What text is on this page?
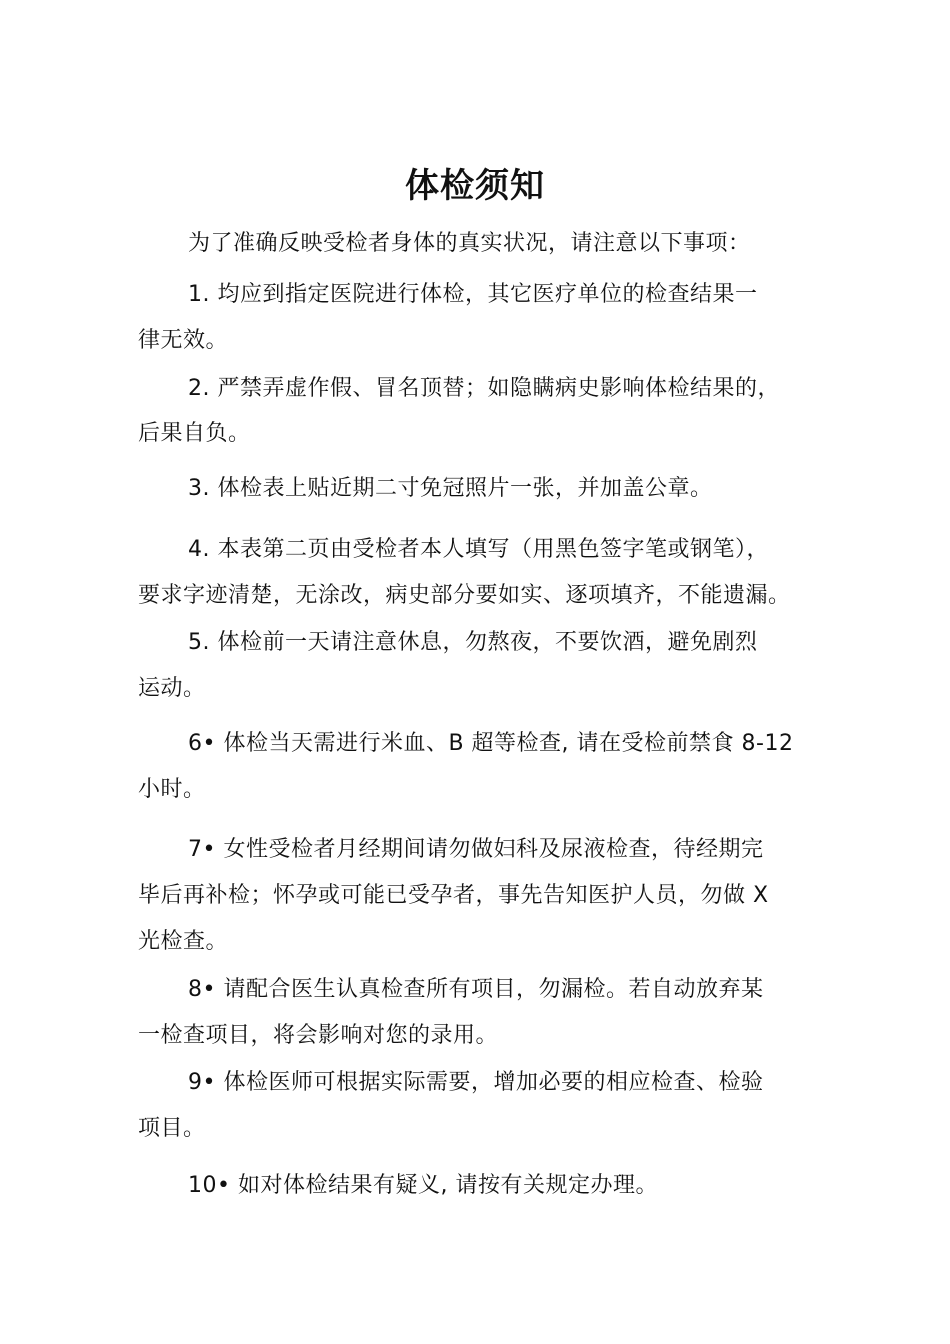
体检须知
为了准确反映受检者身体的真实状况，请注意以下事项：
1. 均应到指定医院进行体检，其它医疗单位的检查结果一
律无效。
2. 严禁弄虚作假、冒名顶替；如隐瞒病史影响体检结果的，
后果自负。
3. 体检表上贴近期二寸免冠照片一张，并加盖公章。
4. 本表第二页由受检者本人填写（用黑色签字笔或钢笔），
要求字迹清楚，无涂改，病史部分要如实、逐项填齐，不能遗漏。
5. 体检前一天请注意休息，勿熬夜，不要饮酒，避免剧烈
运动。
6• 体检当天需进行米血、B 超等检查, 请在受检前禁食 8-12
小时。
7• 女性受检者月经期间请勿做妇科及尿液检查，待经期完
毕后再补检；怀孕或可能已受孕者，事先告知医护人员，勿做 X
光检查。
8• 请配合医生认真检查所有项目，勿漏检。若自动放弃某
一检查项目，将会影响对您的录用。
9• 体检医师可根据实际需要，增加必要的相应检查、检验
项目。
10• 如对体检结果有疑义, 请按有关规定办理。
